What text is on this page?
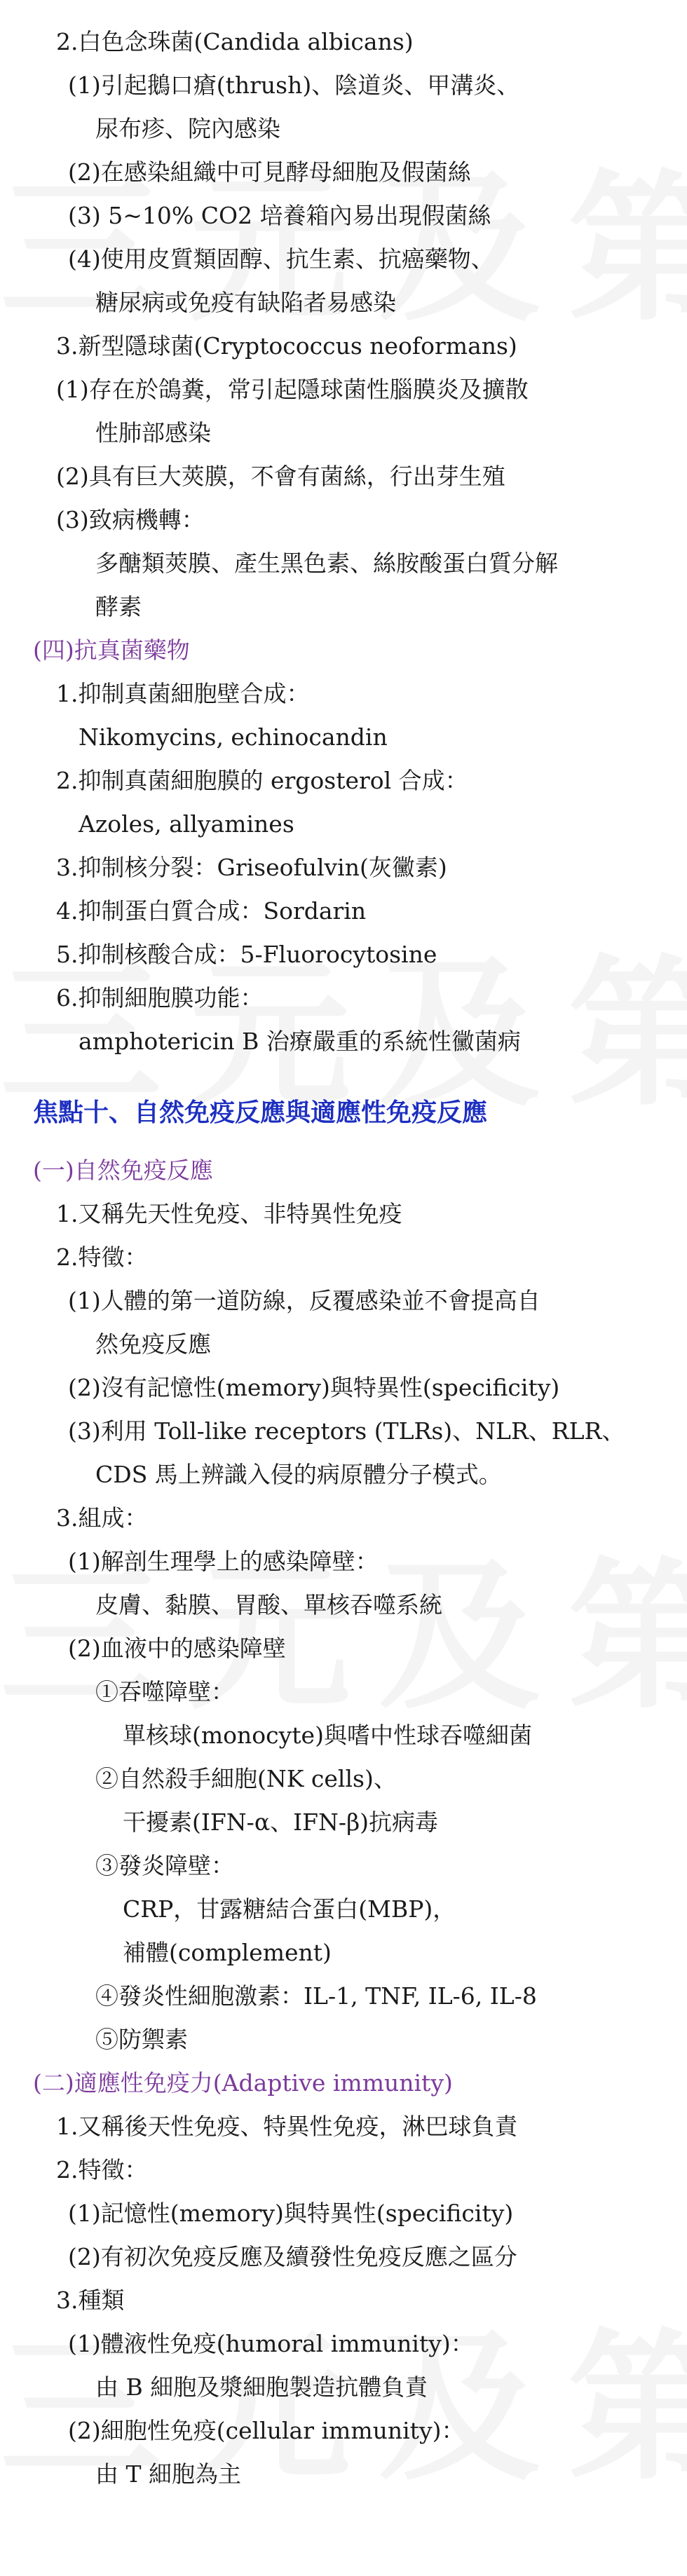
2.白色念珠菌(Candida albicans)
(1)引起鵝口瘡(thrush)、陰道炎、甲溝炎、
尿布疹、院內感染
(2)在感染組織中可見酵母細胞及假菌絲
(3) 5~10% CO2 培養箱內易出現假菌絲
(4)使用皮質類固醇、抗生素、抗癌藥物、
糖尿病或免疫有缺陷者易感染
3.新型隱球菌(Cryptococcus neoformans)
(1)存在於鴿糞，常引起隱球菌性腦膜炎及擴散
性肺部感染
(2)具有巨大莢膜，不會有菌絲，行出芽生殖
(3)致病機轉：
多醣類莢膜、產生黑色素、絲胺酸蛋白質分解
酵素
(四)抗真菌藥物
1.抑制真菌細胞壁合成：
Nikomycins, echinocandin
2.抑制真菌細胞膜的 ergosterol 合成：
Azoles, allyamines
3.抑制核分裂：Griseofulvin(灰黴素)
4.抑制蛋白質合成：Sordarin
5.抑制核酸合成：5-Fluorocytosine
6.抑制細胞膜功能：
amphotericin B 治療嚴重的系統性黴菌病
焦點十、自然免疫反應與適應性免疫反應
(一)自然免疫反應
1.又稱先天性免疫、非特異性免疫
2.特徵：
(1)人體的第一道防線，反覆感染並不會提高自
然免疫反應
(2)沒有記憶性(memory)與特異性(specificity)
(3)利用 Toll-like receptors (TLRs)、NLR、RLR、
CDS 馬上辨識入侵的病原體分子模式。
3.組成：
(1)解剖生理學上的感染障壁：
皮膚、黏膜、胃酸、單核吞噬系統
(2)血液中的感染障壁
①吞噬障壁：
單核球(monocyte)與嗜中性球吞噬細菌
②自然殺手細胞(NK cells)、
干擾素(IFN-α、IFN-β)抗病毒
③發炎障壁：
CRP，甘露糖結合蛋白(MBP)，
補體(complement)
④發炎性細胞激素：IL-1, TNF, IL-6, IL-8
⑤防禦素
(二)適應性免疫力(Adaptive immunity)
1.又稱後天性免疫、特異性免疫，淋巴球負責
2.特徵：
(1)記憶性(memory)與特異性(specificity)
(2)有初次免疫反應及續發性免疫反應之區分
3.種類
(1)體液性免疫(humoral immunity)：
由 B 細胞及漿細胞製造抗體負責
(2)細胞性免疫(cellular immunity)：
由 T 細胞為主
